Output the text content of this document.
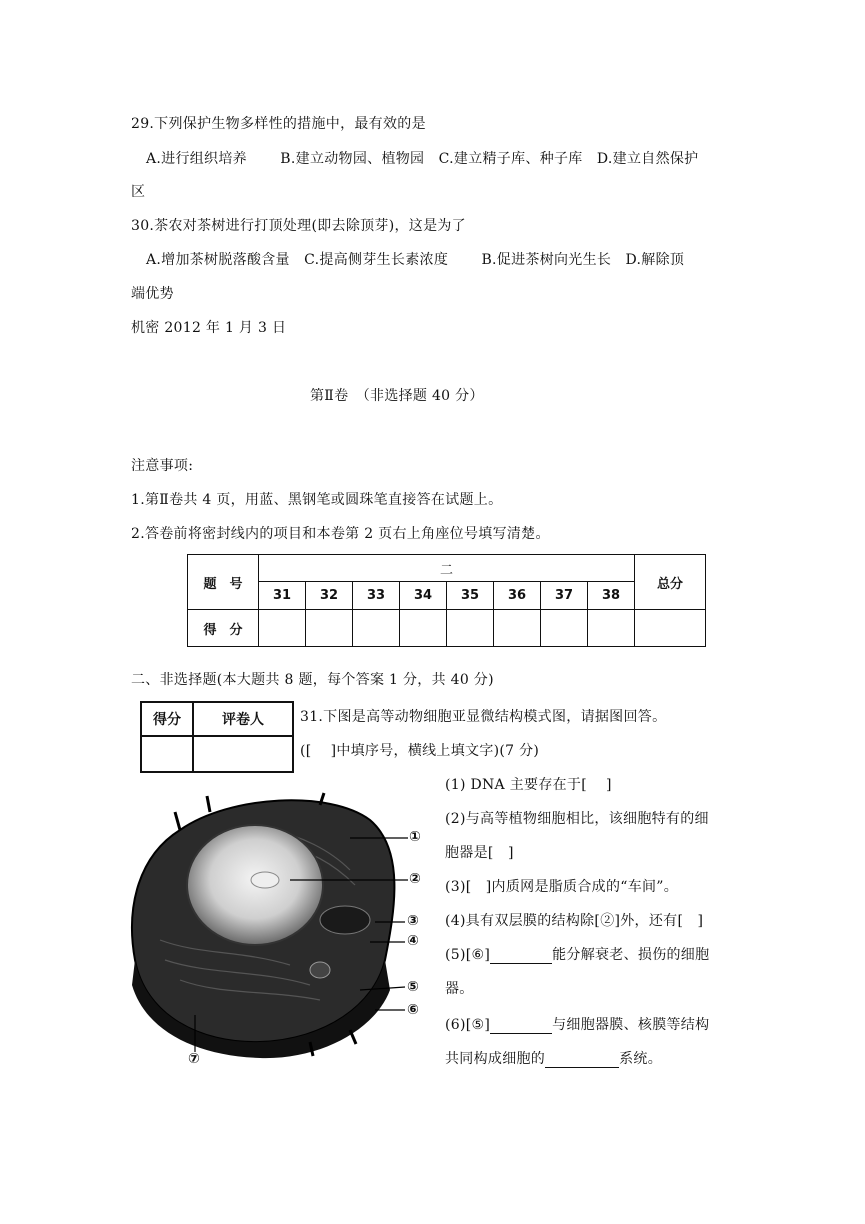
29.下列保护生物多样性的措施中，最有效的是
A.进行组织培养　　 B.建立动物园、植物园　C.建立精子库、种子库　D.建立自然保护
区
30.茶农对茶树进行打顶处理(即去除顶芽)，这是为了
A.增加茶树脱落酸含量　C.提高侧芽生长素浓度　　 B.促进茶树向光生长　D.解除顶
端优势
机密 2012 年 1 月 3 日
第Ⅱ卷　（非选择题 40 分）
注意事项:
1.第Ⅱ卷共 4 页，用蓝、黑钢笔或圆珠笔直接答在试题上。
2.答卷前将密封线内的项目和本卷第 2 页右上角座位号填写清楚。
题　号	二								总分
	31	32	33	34	35	36	37	38	
得　分									
二、非选择题(本大题共 8 题，每个答案 1 分，共 40 分)
得分	评卷人
		31.下图是高等动物细胞亚显微结构模式图，请据图回答。
([　 ]中填序号，横线上填文字)(7 分)
(1) DNA 主要存在于[　 ]
(2)与高等植物细胞相比，该细胞特有的细
胞器是[　]
(3)[　]内质网是脂质合成的“车间”。
(4)具有双层膜的结构除[②]外，还有[　]
(5)[⑥]	能分解衰老、损伤的细胞
器。
(6)[⑤]	与细胞器膜、核膜等结构
共同构成细胞的	系统。
①
②
③
④
⑤
⑥
⑦
